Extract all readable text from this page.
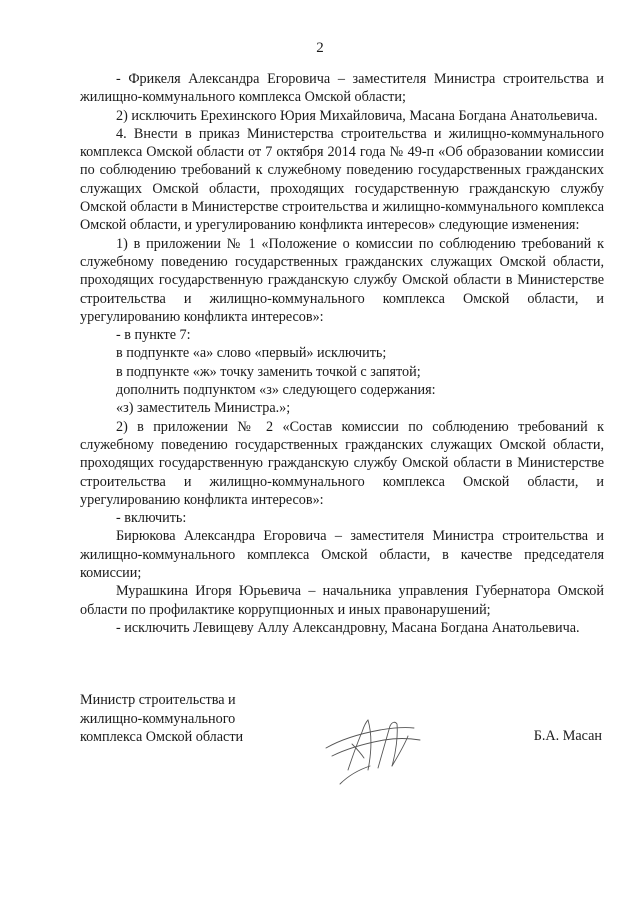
2

- Фрикеля Александра Егоровича – заместителя Министра строительства и жилищно-коммунального комплекса Омской области;

2) исключить Ерехинского Юрия Михайловича, Масана Богдана Анатольевича.

4. Внести в приказ Министерства строительства и жилищно-коммунального комплекса Омской области от 7 октября 2014 года № 49-п «Об образовании комиссии по соблюдению требований к служебному поведению государственных гражданских служащих Омской области, проходящих государственную гражданскую службу Омской области в Министерстве строительства и жилищно-коммунального комплекса Омской области, и урегулированию конфликта интересов» следующие изменения:

1) в приложении № 1 «Положение о комиссии по соблюдению требований к служебному поведению государственных гражданских служащих Омской области, проходящих государственную гражданскую службу Омской области в Министерстве строительства и жилищно-коммунального комплекса Омской области, и урегулированию конфликта интересов»:

- в пункте 7:

в подпункте «а» слово «первый» исключить;

в подпункте «ж» точку заменить точкой с запятой;

дополнить подпунктом «з» следующего содержания:

«з) заместитель Министра.»;

2) в приложении № 2 «Состав комиссии по соблюдению требований к служебному поведению государственных гражданских служащих Омской области, проходящих государственную гражданскую службу Омской области в Министерстве строительства и жилищно-коммунального комплекса Омской области, и урегулированию конфликта интересов»:

- включить:

Бирюкова Александра Егоровича – заместителя Министра строительства и жилищно-коммунального комплекса Омской области, в качестве председателя комиссии;

Мурашкина Игоря Юрьевича – начальника управления Губернатора Омской области по профилактике коррупционных и иных правонарушений;

- исключить Левищеву Аллу Александровну, Масана Богдана Анатольевича.

Министр строительства и
жилищно-коммунального
комплекса Омской области	Б.А. Масан
